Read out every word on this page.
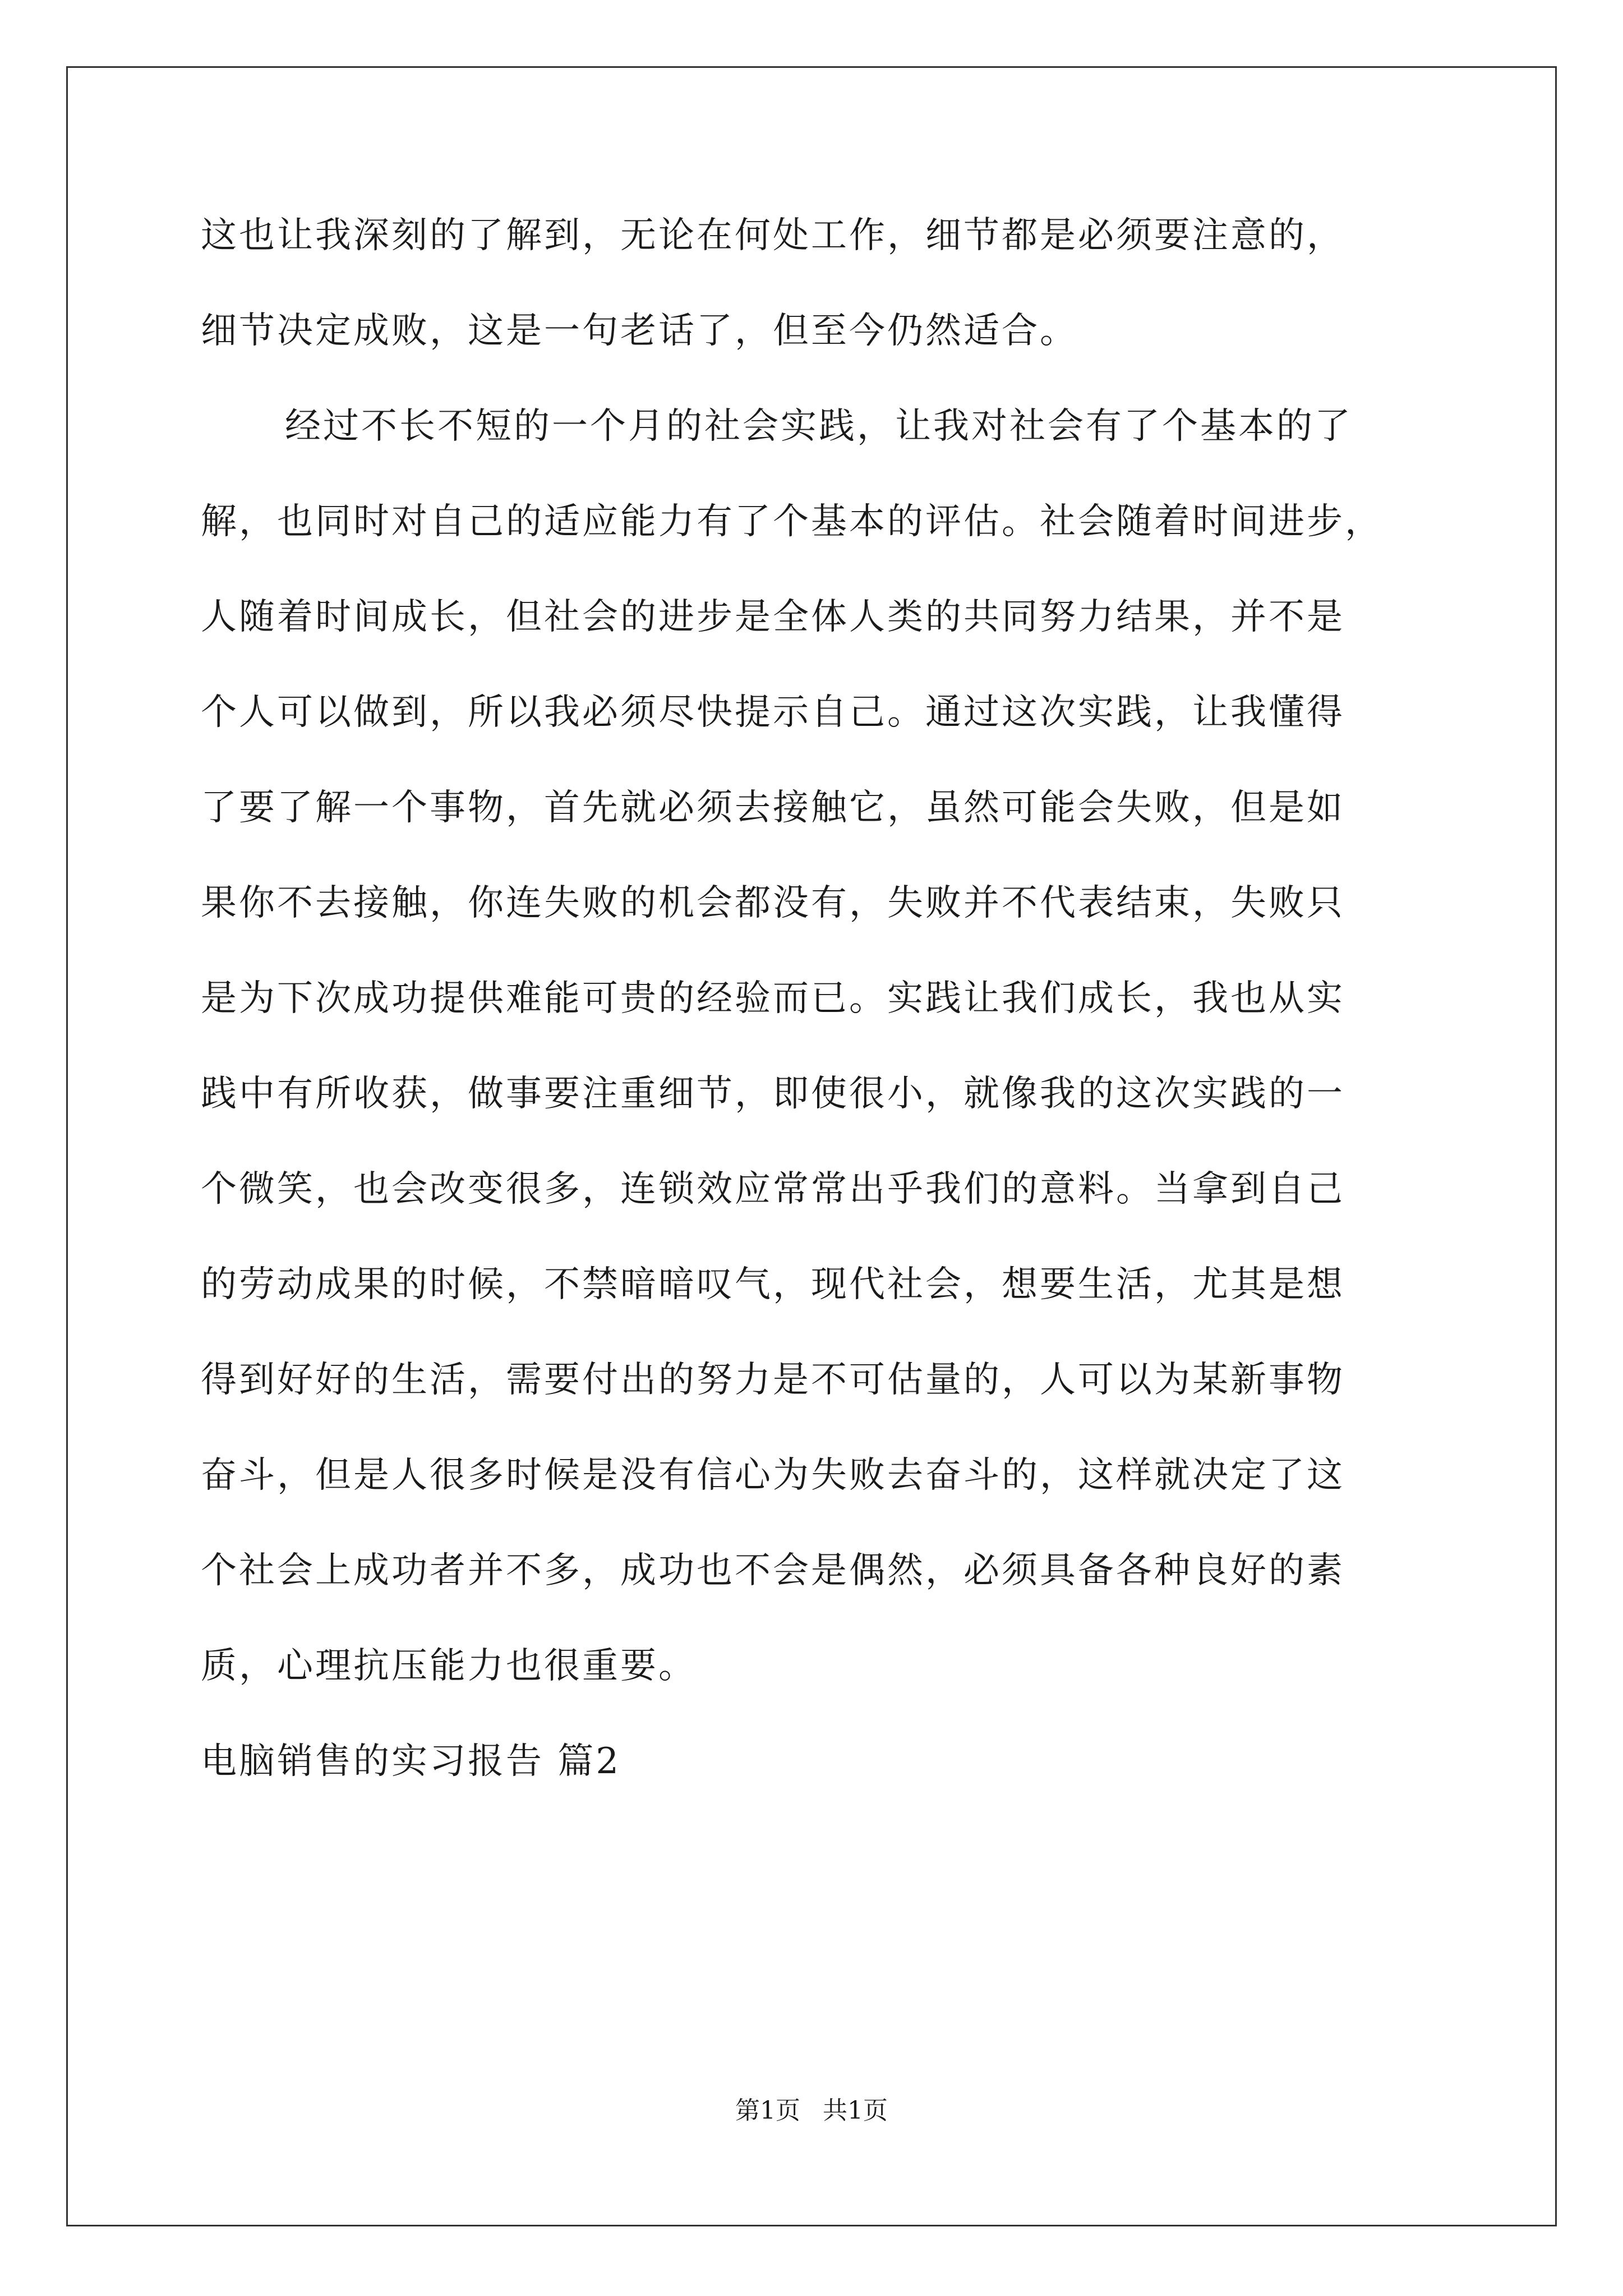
这也让我深刻的了解到，无论在何处工作，细节都是必须要注意的，
细节决定成败，这是一句老话了，但至今仍然适合。
经过不长不短的一个月的社会实践，让我对社会有了个基本的了
解，也同时对自己的适应能力有了个基本的评估。社会随着时间进步，
人随着时间成长，但社会的进步是全体人类的共同努力结果，并不是
个人可以做到，所以我必须尽快提示自己。通过这次实践，让我懂得
了要了解一个事物，首先就必须去接触它，虽然可能会失败，但是如
果你不去接触，你连失败的机会都没有，失败并不代表结束，失败只
是为下次成功提供难能可贵的经验而已。实践让我们成长，我也从实
践中有所收获，做事要注重细节，即使很小，就像我的这次实践的一
个微笑，也会改变很多，连锁效应常常出乎我们的意料。当拿到自己
的劳动成果的时候，不禁暗暗叹气，现代社会，想要生活，尤其是想
得到好好的生活，需要付出的努力是不可估量的，人可以为某新事物
奋斗，但是人很多时候是没有信心为失败去奋斗的，这样就决定了这
个社会上成功者并不多，成功也不会是偶然，必须具备各种良好的素
质，心理抗压能力也很重要。
电脑销售的实习报告 篇2
第1页 共1页
